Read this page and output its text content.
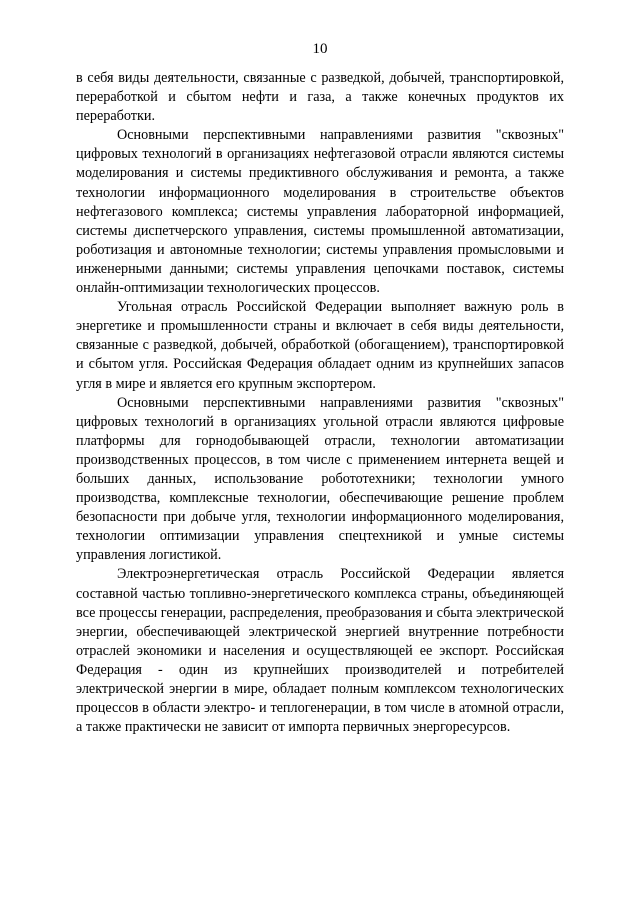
10

в себя виды деятельности, связанные с разведкой, добычей, транспортировкой, переработкой и сбытом нефти и газа, а также конечных продуктов их переработки.

Основными перспективными направлениями развития "сквозных" цифровых технологий в организациях нефтегазовой отрасли являются системы моделирования и системы предиктивного обслуживания и ремонта, а также технологии информационного моделирования в строительстве объектов нефтегазового комплекса; системы управления лабораторной информацией, системы диспетчерского управления, системы промышленной автоматизации, роботизация и автономные технологии; системы управления промысловыми и инженерными данными; системы управления цепочками поставок, системы онлайн-оптимизации технологических процессов.

Угольная отрасль Российской Федерации выполняет важную роль в энергетике и промышленности страны и включает в себя виды деятельности, связанные с разведкой, добычей, обработкой (обогащением), транспортировкой и сбытом угля. Российская Федерация обладает одним из крупнейших запасов угля в мире и является его крупным экспортером.

Основными перспективными направлениями развития "сквозных" цифровых технологий в организациях угольной отрасли являются цифровые платформы для горнодобывающей отрасли, технологии автоматизации производственных процессов, в том числе с применением интернета вещей и больших данных, использование робототехники; технологии умного производства, комплексные технологии, обеспечивающие решение проблем безопасности при добыче угля, технологии информационного моделирования, технологии оптимизации управления спецтехникой и умные системы управления логистикой.

Электроэнергетическая отрасль Российской Федерации является составной частью топливно-энергетического комплекса страны, объединяющей все процессы генерации, распределения, преобразования и сбыта электрической энергии, обеспечивающей электрической энергией внутренние потребности отраслей экономики и населения и осуществляющей ее экспорт. Российская Федерация - один из крупнейших производителей и потребителей электрической энергии в мире, обладает полным комплексом технологических процессов в области электро- и теплогенерации, в том числе в атомной отрасли, а также практически не зависит от импорта первичных энергоресурсов.
